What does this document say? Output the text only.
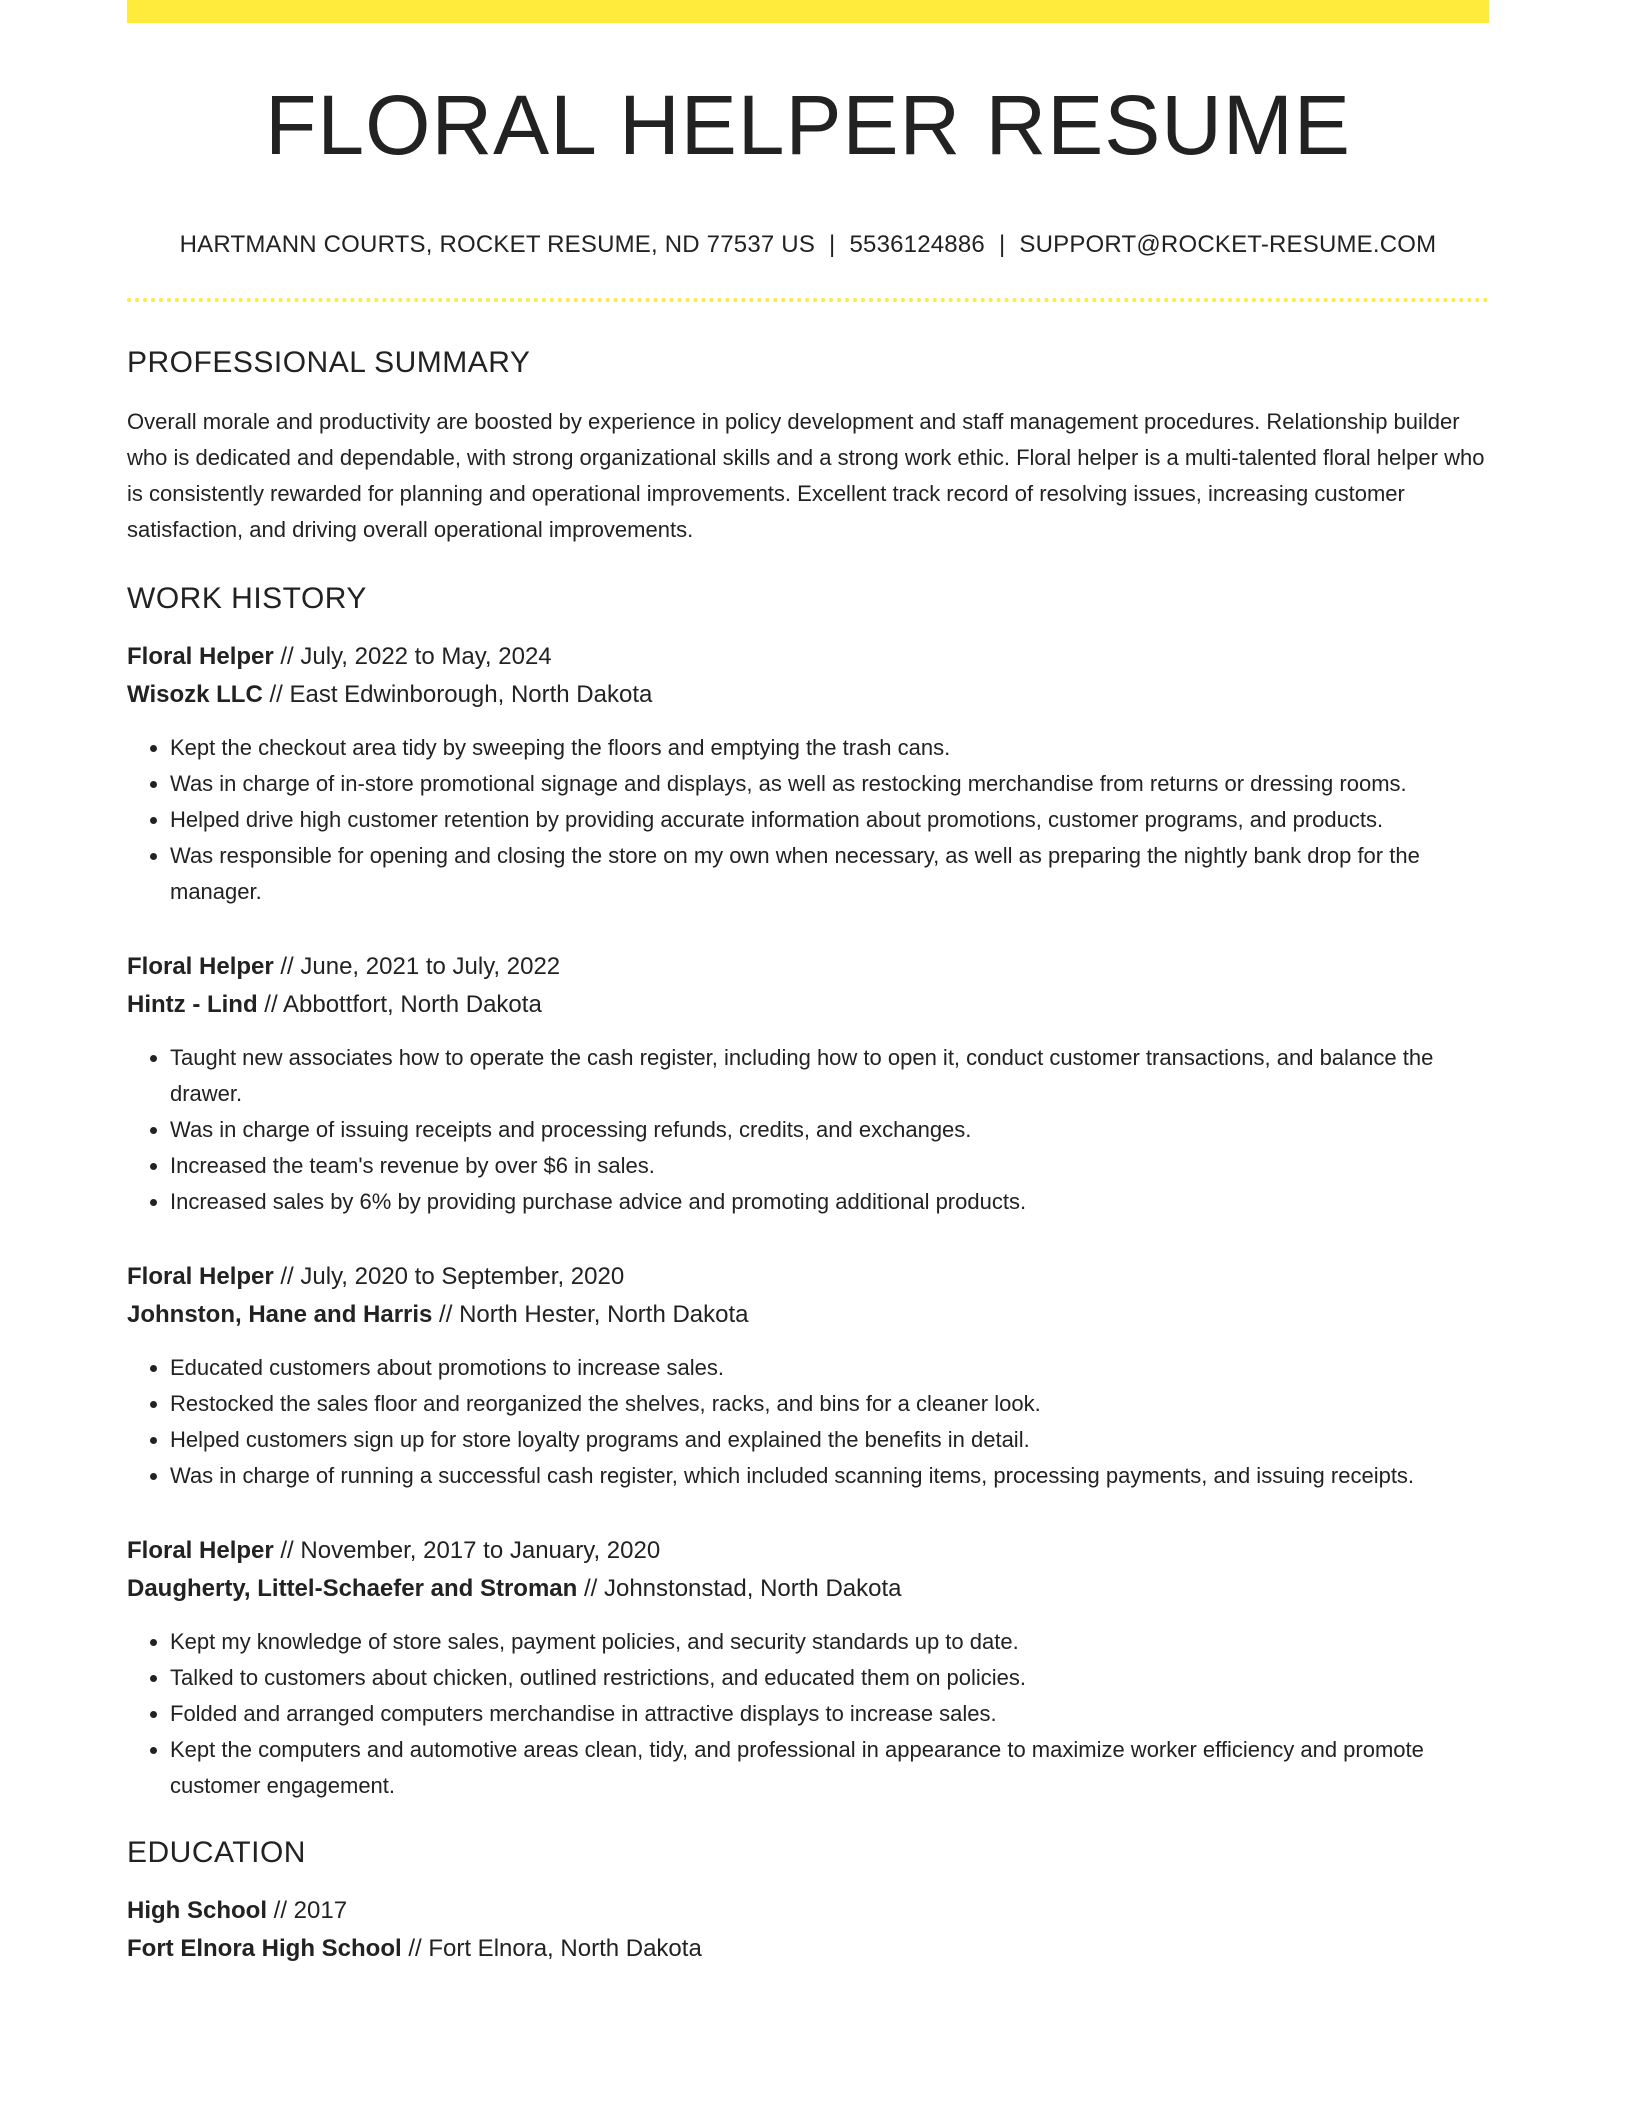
FLORAL HELPER RESUME
HARTMANN COURTS, ROCKET RESUME, ND 77537 US | 5536124886 | SUPPORT@ROCKET-RESUME.COM
PROFESSIONAL SUMMARY

Overall morale and productivity are boosted by experience in policy development and staff management procedures. Relationship builder who is dedicated and dependable, with strong organizational skills and a strong work ethic. Floral helper is a multi-talented floral helper who is consistently rewarded for planning and operational improvements. Excellent track record of resolving issues, increasing customer satisfaction, and driving overall operational improvements.

WORK HISTORY
Floral Helper // July, 2022 to May, 2024
Wisozk LLC // East Edwinborough, North Dakota
• Kept the checkout area tidy by sweeping the floors and emptying the trash cans.
• Was in charge of in-store promotional signage and displays, as well as restocking merchandise from returns or dressing rooms.
• Helped drive high customer retention by providing accurate information about promotions, customer programs, and products.
• Was responsible for opening and closing the store on my own when necessary, as well as preparing the nightly bank drop for the manager.
Floral Helper // June, 2021 to July, 2022
Hintz - Lind // Abbottfort, North Dakota
• Taught new associates how to operate the cash register, including how to open it, conduct customer transactions, and balance the drawer.
• Was in charge of issuing receipts and processing refunds, credits, and exchanges.
• Increased the team's revenue by over $6 in sales.
• Increased sales by 6% by providing purchase advice and promoting additional products.
Floral Helper // July, 2020 to September, 2020
Johnston, Hane and Harris // North Hester, North Dakota
• Educated customers about promotions to increase sales.
• Restocked the sales floor and reorganized the shelves, racks, and bins for a cleaner look.
• Helped customers sign up for store loyalty programs and explained the benefits in detail.
• Was in charge of running a successful cash register, which included scanning items, processing payments, and issuing receipts.
Floral Helper // November, 2017 to January, 2020
Daugherty, Littel-Schaefer and Stroman // Johnstonstad, North Dakota
• Kept my knowledge of store sales, payment policies, and security standards up to date.
• Talked to customers about chicken, outlined restrictions, and educated them on policies.
• Folded and arranged computers merchandise in attractive displays to increase sales.
• Kept the computers and automotive areas clean, tidy, and professional in appearance to maximize worker efficiency and promote customer engagement.
EDUCATION
High School // 2017
Fort Elnora High School // Fort Elnora, North Dakota
